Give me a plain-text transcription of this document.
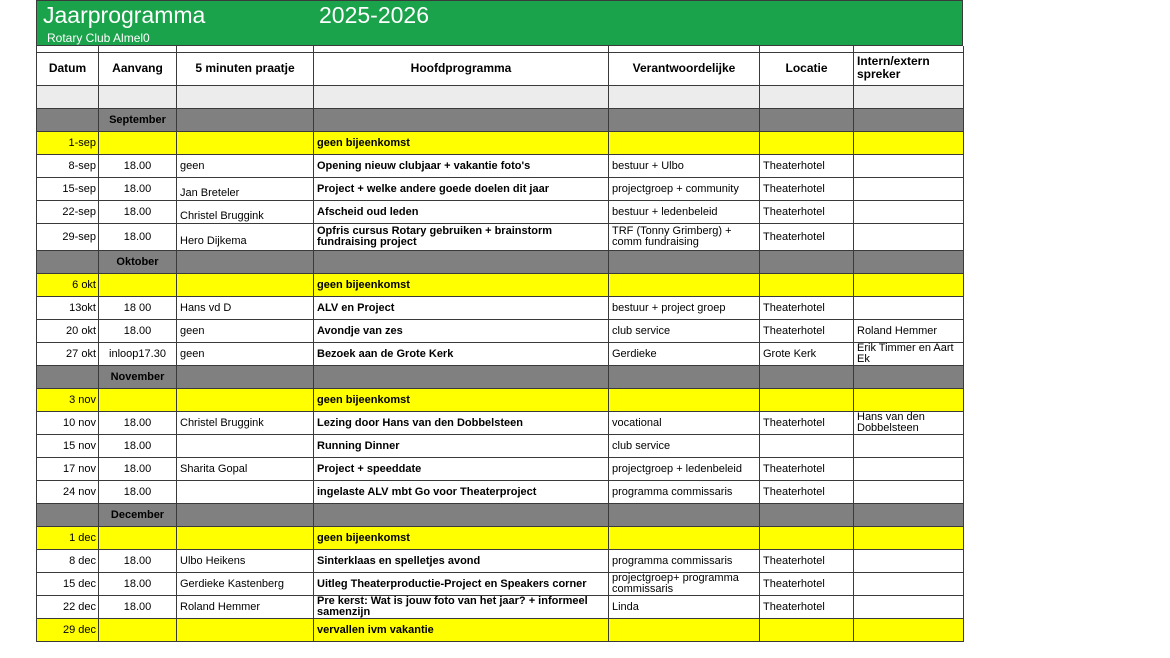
Jaarprogramma	2025-2026
Rotary Club Almel0

Datum	Aanvang	5 minuten praatje	Hoofdprogramma	Verantwoordelijke	Locatie	Intern/extern spreker

	September					
1-sep			geen bijeenkomst			
8-sep	18.00	geen	Opening nieuw clubjaar + vakantie foto's	bestuur + Ulbo	Theaterhotel	
15-sep	18.00	Jan Breteler	Project + welke andere goede doelen dit jaar	projectgroep + community	Theaterhotel	
22-sep	18.00	Christel Bruggink	Afscheid oud leden	bestuur + ledenbeleid	Theaterhotel	
29-sep	18.00	Hero Dijkema	Opfris cursus Rotary gebruiken + brainstorm fundraising project	TRF (Tonny Grimberg) + comm fundraising	Theaterhotel	
	Oktober					
6 okt			geen bijeenkomst			
13okt	18 00	Hans vd D	ALV en Project	bestuur + project groep	Theaterhotel	
20 okt	18.00	geen	Avondje van zes	club service	Theaterhotel	Roland Hemmer
27 okt	inloop17.30	geen	Bezoek aan de Grote Kerk	Gerdieke	Grote Kerk	Erik Timmer en Aart Ek
	November					
3 nov			geen bijeenkomst			
10 nov	18.00	Christel Bruggink	Lezing door Hans van den Dobbelsteen	vocational	Theaterhotel	Hans van den Dobbelsteen
15 nov	18.00		Running Dinner	club service		
17 nov	18.00	Sharita Gopal	Project + speeddate	projectgroep + ledenbeleid	Theaterhotel	
24 nov	18.00		ingelaste ALV mbt Go voor Theaterproject	programma commissaris	Theaterhotel	
	December					
1 dec			geen bijeenkomst			
8 dec	18.00	Ulbo Heikens	Sinterklaas en spelletjes avond	programma commissaris	Theaterhotel	
15 dec	18.00	Gerdieke Kastenberg	Uitleg Theaterproductie-Project en Speakers corner	projectgroep+ programma commissaris	Theaterhotel	
22 dec	18.00	Roland Hemmer	Pre kerst: Wat is jouw foto van het jaar? + informeel samenzijn	Linda	Theaterhotel	
29 dec			vervallen ivm vakantie			
